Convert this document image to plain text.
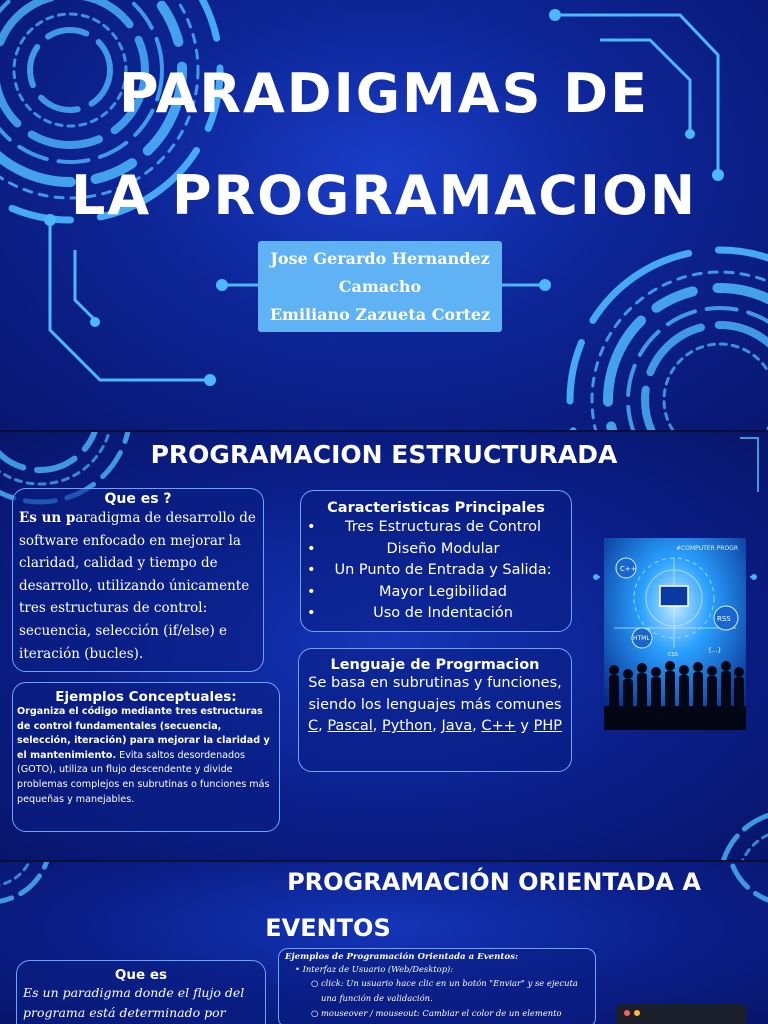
PARADIGMAS DE
LA PROGRAMACION
Jose Gerardo Hernandez
Camacho
Emiliano Zazueta Cortez
PROGRAMACION ESTRUCTURADA
Que es ?
Es un paradigma de desarrollo de software enfocado en mejorar la claridad, calidad y tiempo de desarrollo, utilizando únicamente tres estructuras de control: secuencia, selección (if/else) e iteración (bucles).
Ejemplos Conceptuales:
Organiza el código mediante tres estructuras de control fundamentales (secuencia, selección, iteración) para mejorar la claridad y el mantenimiento. Evita saltos desordenados (GOTO), utiliza un flujo descendente y divide problemas complejos en subrutinas o funciones más pequeñas y manejables.
Caracteristicas Principales
• Tres Estructuras de Control
• Diseño Modular
• Un Punto de Entrada y Salida:
• Mayor Legibilidad
• Uso de Indentación
Lenguaje de Progrmacion
Se basa en subrutinas y funciones, siendo los lenguajes más comunes C, Pascal, Python, Java, C++ y PHP
#COMPUTER PROGR
C++
RSS
HTML
CSS
{...}
PROGRAMACIÓN ORIENTADA A
EVENTOS
Que es
Es un paradigma donde el flujo del
programa está determinado por
Ejemplos de Programación Orientada a Eventos:
• Interfaz de Usuario (Web/Desktop):
○ click: Un usuario hace clic en un botón "Enviar" y se ejecuta
una función de validación.
○ mouseover / mouseout: Cambiar el color de un elemento
